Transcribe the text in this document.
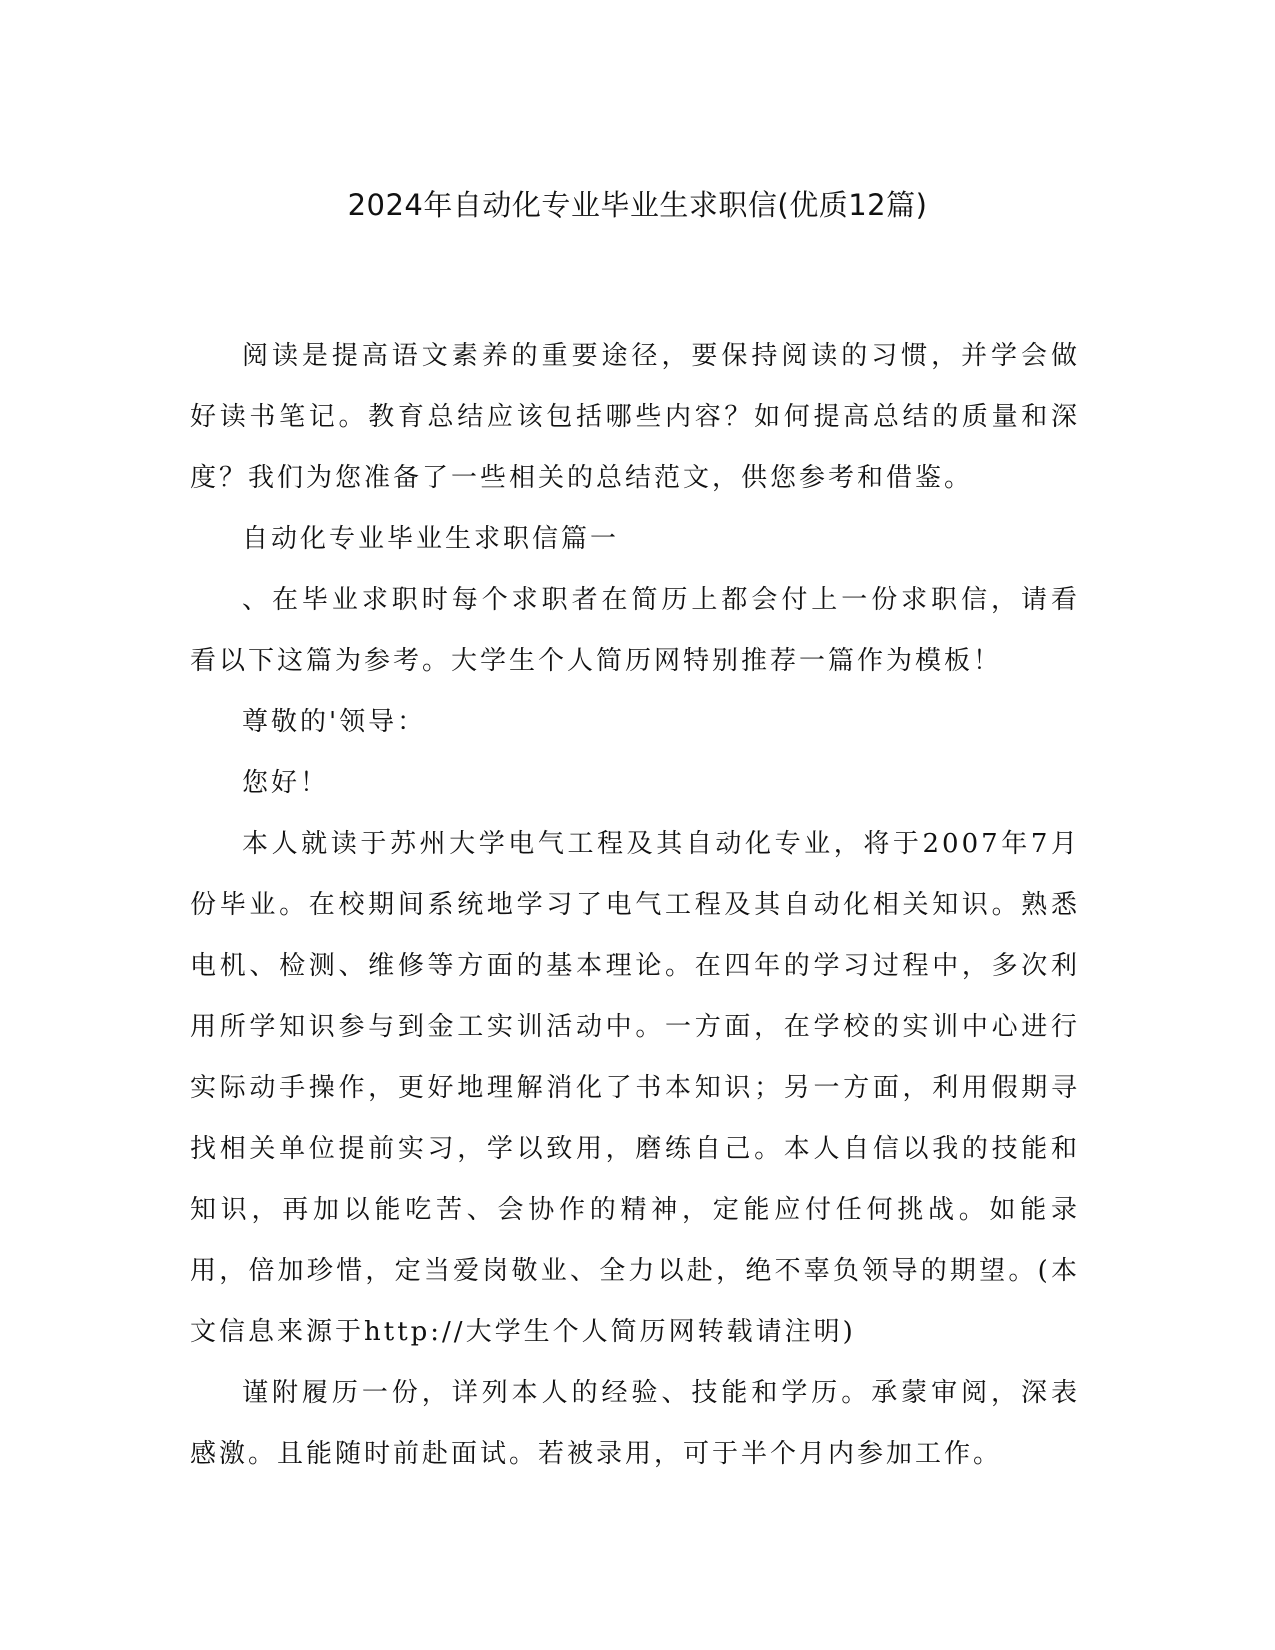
2024年自动化专业毕业生求职信(优质12篇)

阅读是提高语文素养的重要途径，要保持阅读的习惯，并学会做好读书笔记。教育总结应该包括哪些内容？如何提高总结的质量和深度？我们为您准备了一些相关的总结范文，供您参考和借鉴。

自动化专业毕业生求职信篇一

、在毕业求职时每个求职者在简历上都会付上一份求职信，请看看以下这篇为参考。大学生个人简历网特别推荐一篇作为模板！

尊敬的'领导：

您好！

本人就读于苏州大学电气工程及其自动化专业，将于2007年7月份毕业。在校期间系统地学习了电气工程及其自动化相关知识。熟悉电机、检测、维修等方面的基本理论。在四年的学习过程中，多次利用所学知识参与到金工实训活动中。一方面，在学校的实训中心进行实际动手操作，更好地理解消化了书本知识；另一方面，利用假期寻找相关单位提前实习，学以致用，磨练自己。本人自信以我的技能和知识，再加以能吃苦、会协作的精神，定能应付任何挑战。如能录用，倍加珍惜，定当爱岗敬业、全力以赴，绝不辜负领导的期望。(本文信息来源于http://大学生个人简历网转载请注明)

谨附履历一份，详列本人的经验、技能和学历。承蒙审阅，深表感激。且能随时前赴面试。若被录用，可于半个月内参加工作。
